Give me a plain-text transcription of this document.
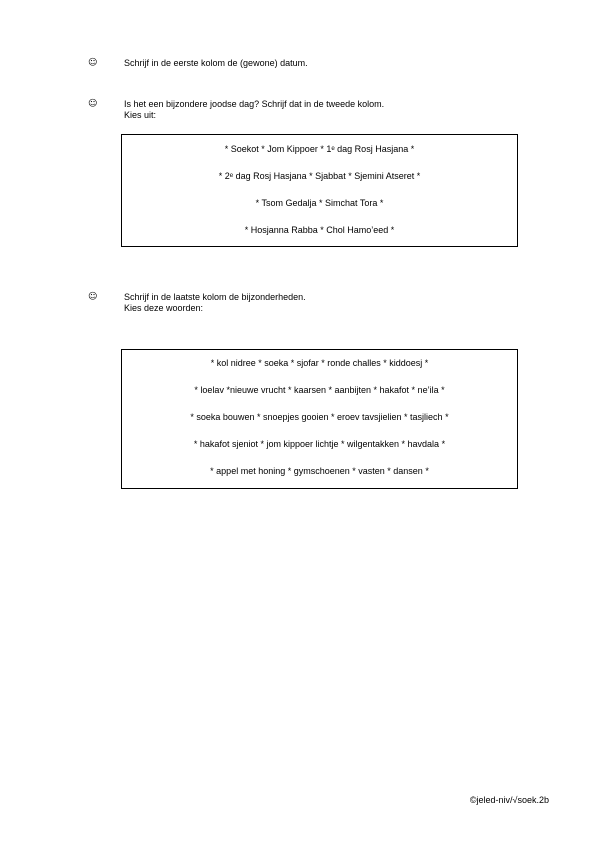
☺	Schrijf in de eerste kolom de (gewone) datum.
☺	Is het een bijzondere joodse dag? Schrijf dat in de tweede kolom.
Kies uit:
* Soekot * Jom Kippoer * 1ᵉ dag Rosj Hasjana *
* 2ᵉ dag Rosj Hasjana * Sjabbat * Sjemini Atseret *
* Tsom Gedalja * Simchat Tora *
* Hosjanna Rabba * Chol Hamo’eed *
☺	Schrijf in de laatste kolom de bijzonderheden.
Kies deze woorden:
* kol nidree * soeka * sjofar * ronde challes * kiddoesj *
* loelav *nieuwe vrucht * kaarsen * aanbijten * hakafot * ne’ila *
* soeka bouwen * snoepjes gooien * eroev tavsjielien * tasjliech *
* hakafot sjeniot * jom kippoer lichtje * wilgentakken * havdala *
* appel met honing * gymschoenen * vasten * dansen *
©jeled-niv/√soek.2b
